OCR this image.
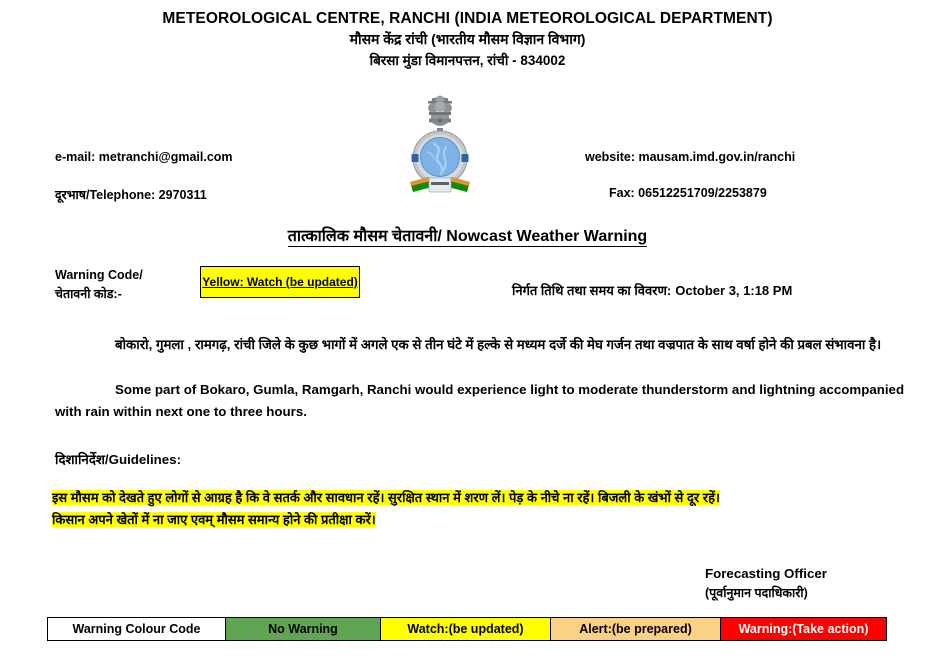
METEOROLOGICAL CENTRE, RANCHI (INDIA METEOROLOGICAL DEPARTMENT)
मौसम केंद्र रांची (भारतीय मौसम विज्ञान विभाग)
बिरसा मुंडा विमानपत्तन, रांची - 834002
e-mail: metranchi@gmail.com
दूरभाष/Telephone: 2970311
website: mausam.imd.gov.in/ranchi
Fax: 06512251709/2253879
तात्कालिक मौसम चेतावनी/ Nowcast Weather Warning
Warning Code/
चेतावनी कोड:-
Yellow: Watch (be updated)
निर्गत तिथि तथा समय का विवरण: October 3, 1:18 PM
बोकारो, गुमला , रामगढ़, रांची जिले के कुछ भागों में अगले एक से तीन घंटे में हल्के से मध्यम दर्जे की मेघ गर्जन तथा वज्रपात के साथ वर्षा होने की प्रबल संभावना है।
Some part of Bokaro, Gumla, Ramgarh, Ranchi would experience light to moderate thunderstorm and lightning accompanied with rain within next one to three hours.
दिशानिर्देश/Guidelines:
इस मौसम को देखते हुए लोगों से आग्रह है कि वे सतर्क और सावधान रहें। सुरक्षित स्थान में शरण लें। पेड़ के नीचे ना रहें। बिजली के खंभों से दूर रहें।
किसान अपने खेतों में ना जाए एवम् मौसम समान्य होने की प्रतीक्षा करें।
Forecasting Officer
(पूर्वानुमान पदाधिकारी)
Warning Colour Code	No Warning	Watch:(be updated)	Alert:(be prepared)	Warning:(Take action)
